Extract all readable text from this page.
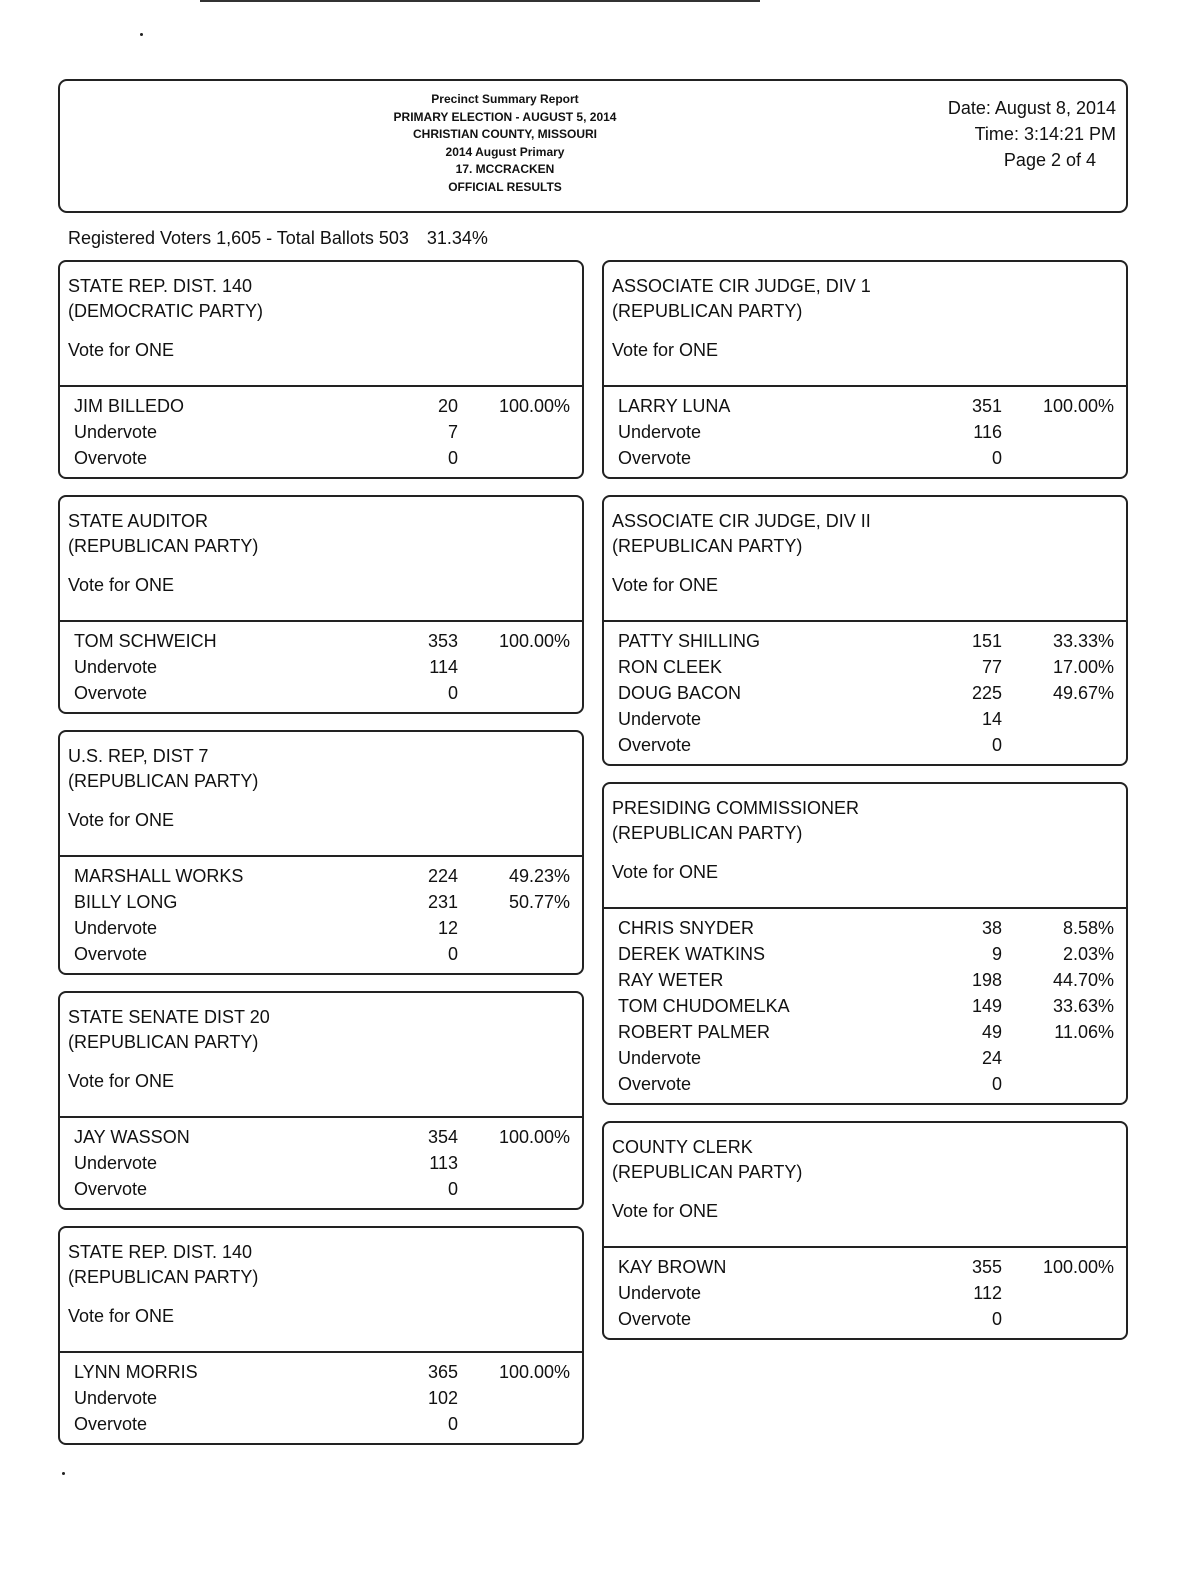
Precinct Summary Report
PRIMARY ELECTION - AUGUST 5, 2014
CHRISTIAN COUNTY, MISSOURI
2014 August Primary
17. MCCRACKEN
OFFICIAL RESULTS
Date: August 8, 2014
Time: 3:14:21 PM
Page 2 of 4
Registered Voters 1,605 - Total Ballots 503 31.34%
STATE REP. DIST. 140
(DEMOCRATIC PARTY)
Vote for ONE
JIM BILLEDO	20 100.00%
Undervote	7
Overvote	0
STATE AUDITOR
(REPUBLICAN PARTY)
Vote for ONE
TOM SCHWEICH	353 100.00%
Undervote	114
Overvote	0
U.S. REP, DIST 7
(REPUBLICAN PARTY)
Vote for ONE
MARSHALL WORKS	224	49.23%
BILLY LONG	231	50.77%
Undervote	12
Overvote	0
STATE SENATE DIST 20
(REPUBLICAN PARTY)
Vote for ONE
JAY WASSON	354 100.00%
Undervote	113
Overvote	0
STATE REP. DIST. 140
(REPUBLICAN PARTY)
Vote for ONE
LYNN MORRIS	365 100.00%
Undervote	102
Overvote	0
ASSOCIATE CIR JUDGE, DIV 1
(REPUBLICAN PARTY)
Vote for ONE
LARRY LUNA	351 100.00%
Undervote	116
Overvote	0
ASSOCIATE CIR JUDGE, DIV II
(REPUBLICAN PARTY)
Vote for ONE
PATTY SHILLING	151	33.33%
RON CLEEK	77	17.00%
DOUG BACON	225	49.67%
Undervote	14
Overvote	0
PRESIDING COMMISSIONER
(REPUBLICAN PARTY)
Vote for ONE
CHRIS SNYDER	38	8.58%
DEREK WATKINS	9	2.03%
RAY WETER	198	44.70%
TOM CHUDOMELKA	149	33.63%
ROBERT PALMER	49	11.06%
Undervote	24
Overvote	0
COUNTY CLERK
(REPUBLICAN PARTY)
Vote for ONE
KAY BROWN	355 100.00%
Undervote	112
Overvote	0
